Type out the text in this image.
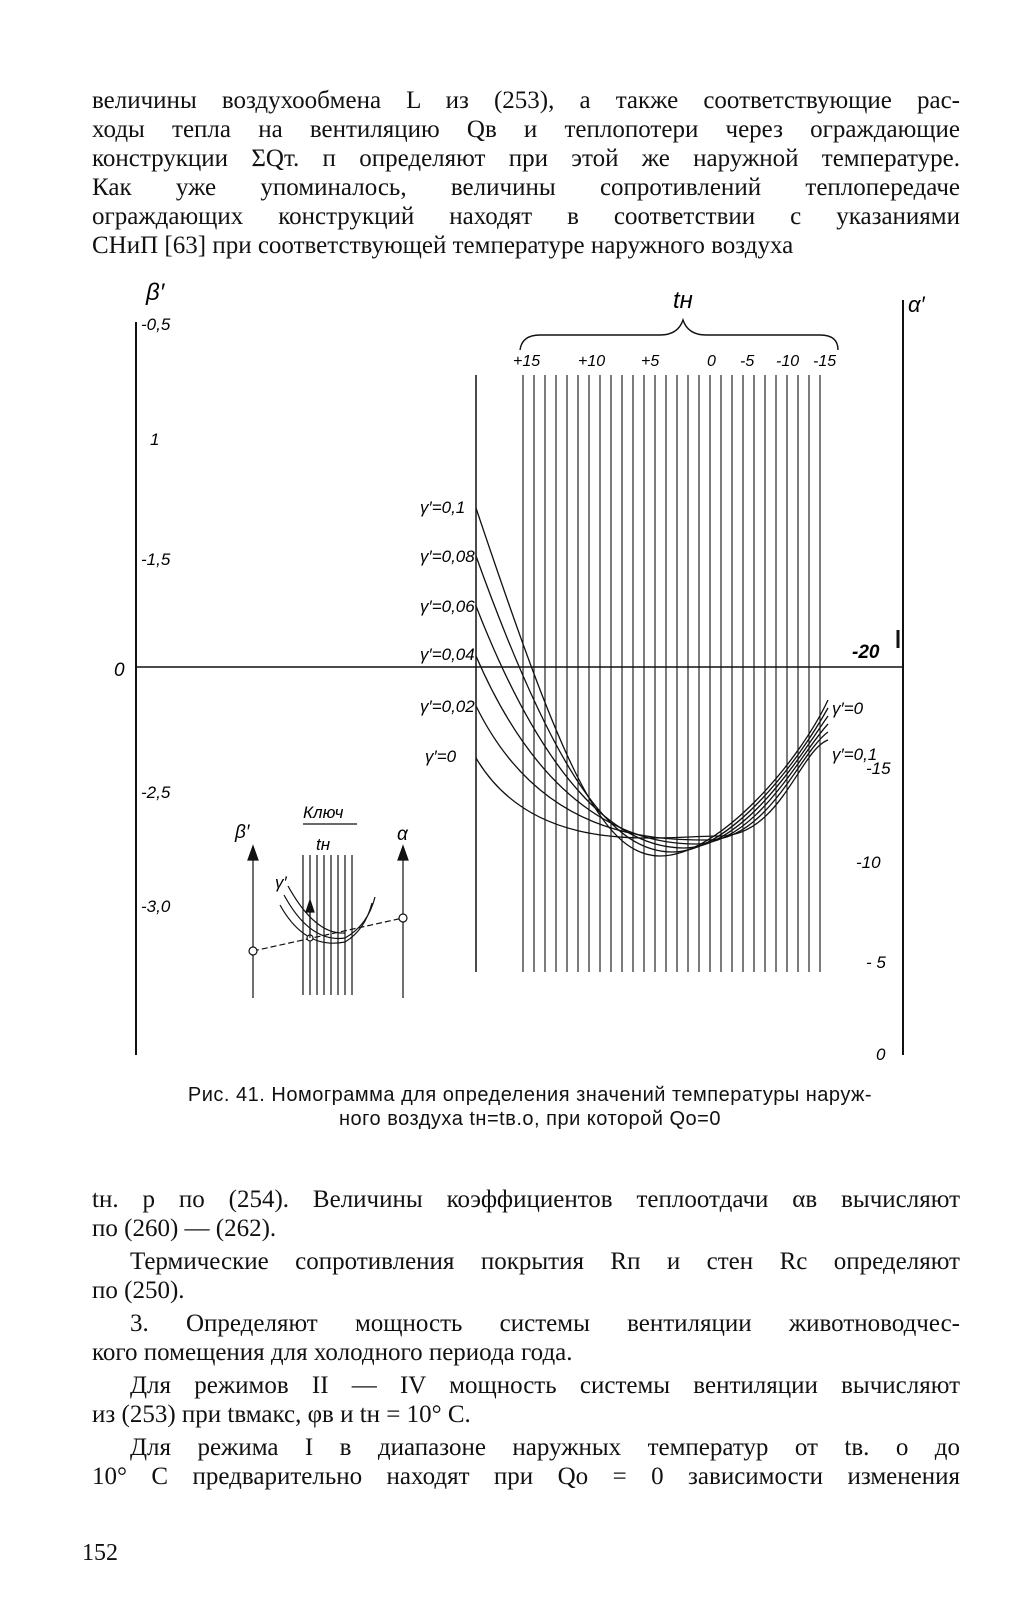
величины воздухообмена L из (253), а также соответствующие рас-
ходы тепла на вентиляцию Qв и теплопотери через ограждающие
конструкции ΣQт. п определяют при этой же наружной температуре.
Как уже упоминалось, величины сопротивлений теплопередаче
ограждающих конструкций находят в соответствии с указаниями
СНиП [63] при соответствующей температуре наружного воздуха
β′
-0,5
1
-1,5
0
-2,5
-3,0
α′
-20
-15
-10
- 5
0
tн
+15 +10 +5	0 -5 -10 -15
γ′=0,1
γ′=0,08
γ′=0,06
γ′=0,04
γ′=0,02
γ′=0
γ′=0
γ′=0,1
Ключ
β′	α
tн
γ′
Рис. 41. Номограмма для определения значений температуры наруж-
ного воздуха tн=tв.о, при которой Qо=0

tн. р по (254). Величины коэффициентов теплоотдачи αв вычисляют
по (260) — (262).

Термические сопротивления покрытия Rп и стен Rс определяют
по (250).

3. Определяют мощность системы вентиляции животноводчес-
кого помещения для холодного периода года.

Для режимов II — IV мощность системы вентиляции вычисляют
из (253) при tвмакс, φв и tн = 10° С.

Для режима I в диапазоне наружных температур от tв. о до
10° С предварительно находят при Qо = 0 зависимости изменения

152
